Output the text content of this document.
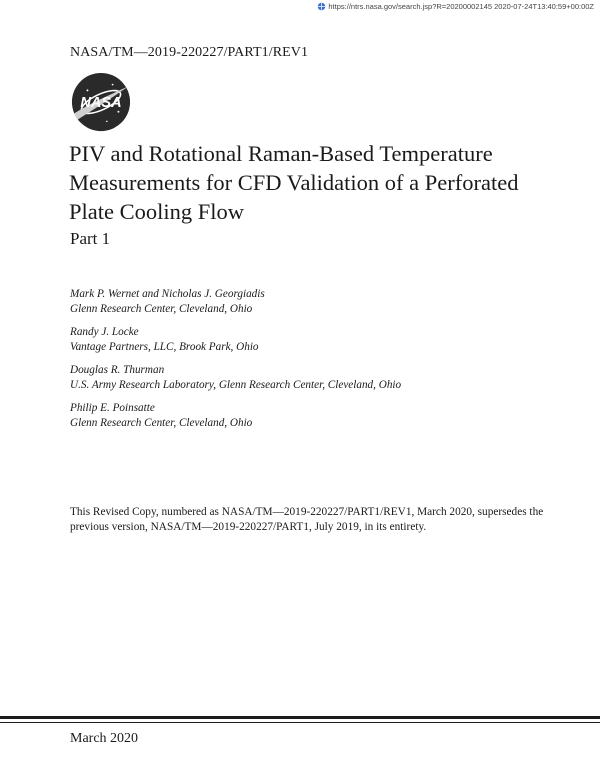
https://ntrs.nasa.gov/search.jsp?R=20200002145 2020-07-24T13:40:59+00:00Z
NASA/TM—2019-220227/PART1/REV1
NASA
PIV and Rotational Raman-Based Temperature Measurements for CFD Validation of a Perforated Plate Cooling Flow
Part 1
Mark P. Wernet and Nicholas J. Georgiadis
Glenn Research Center, Cleveland, Ohio
Randy J. Locke
Vantage Partners, LLC, Brook Park, Ohio
Douglas R. Thurman
U.S. Army Research Laboratory, Glenn Research Center, Cleveland, Ohio
Philip E. Poinsatte
Glenn Research Center, Cleveland, Ohio
This Revised Copy, numbered as NASA/TM—2019-220227/PART1/REV1, March 2020, supersedes the previous version, NASA/TM—2019-220227/PART1, July 2019, in its entirety.
March 2020
